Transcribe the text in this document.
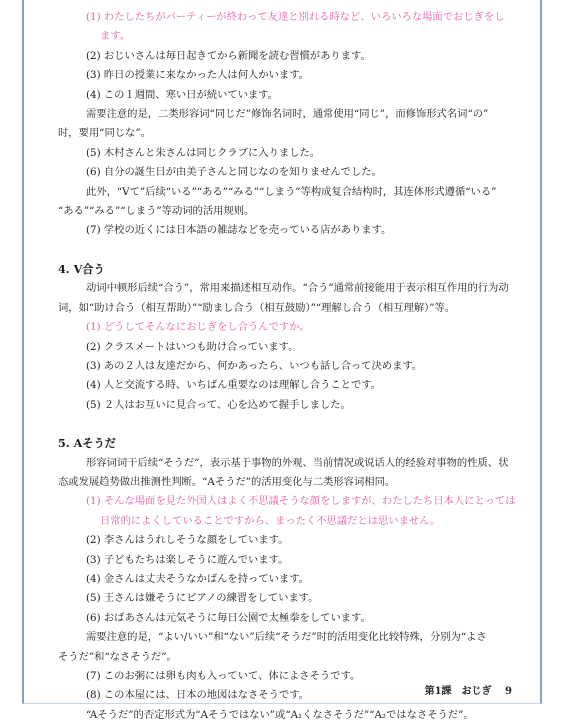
(1) わたしたちがパーティーが終わって友達と別れる時など、いろいろな場面でおじぎをし
ます。
(2) おじいさんは毎日起きてから新聞を読む習慣があります。
(3) 昨日の授業に来なかった人は何人かいます。
(4) この１週間、寒い日が続いています。
需要注意的是，二类形容词“同じだ”修饰名词时，通常使用“同じ”，而修饰形式名词“の”
时，要用“同じな”。
(5) 木村さんと朱さんは同じクラブに入りました。
(6) 自分の誕生日が由美子さんと同じなのを知りませんでした。
此外，“Vて”后续“いる”“ある”“みる”“しまう”等构成复合结构时，其连体形式遵循“いる”
“ある”“みる”“しまう”等动词的活用规则。
(7) 学校の近くには日本語の雑誌などを売っている店があります。
4. V合う
动词中顿形后续“合う”，常用来描述相互动作。“合う”通常前接能用于表示相互作用的行为动
词，如“助け合う（相互帮助）”“励まし合う（相互鼓励）”“理解し合う（相互理解）”等。
(1) どうしてそんなにおじぎをし合うんですか。
(2) クラスメートはいつも助け合っています。
(3) あの２人は友達だから、何かあったら、いつも話し合って決めます。
(4) 人と交流する時、いちばん重要なのは理解し合うことです。
(5) ２人はお互いに見合って、心を込めて握手しました。
5. Aそうだ
形容词词干后续“そうだ”，表示基于事物的外观、当前情况或说话人的经验对事物的性质、状
态或发展趋势做出推测性判断。“Aそうだ”的活用变化与二类形容词相同。
(1) そんな場面を見た外国人はよく不思議そうな顔をしますが、わたしたち日本人にとっては
日常的によくしていることですから、まったく不思議だとは思いません。
(2) 李さんはうれしそうな顔をしています。
(3) 子どもたちは楽しそうに遊んでいます。
(4) 金さんは丈夫そうなかばんを持っています。
(5) 王さんは嫌そうにピアノの練習をしています。
(6) おばあさんは元気そうに毎日公園で太極拳をしています。
需要注意的是，“よい/いい”和“ない”后续“そうだ”时的活用变化比较特殊，分别为“よさ
そうだ”和“なさそうだ”。
(7) このお粥には卵も肉も入っていて、体によさそうです。
(8) この本屋には、日本の地図はなさそうです。
“Aそうだ”的否定形式为“Aそうではない”或“A₁くなさそうだ”“A₂ではなさそうだ”。
第1課　おじぎ 9
